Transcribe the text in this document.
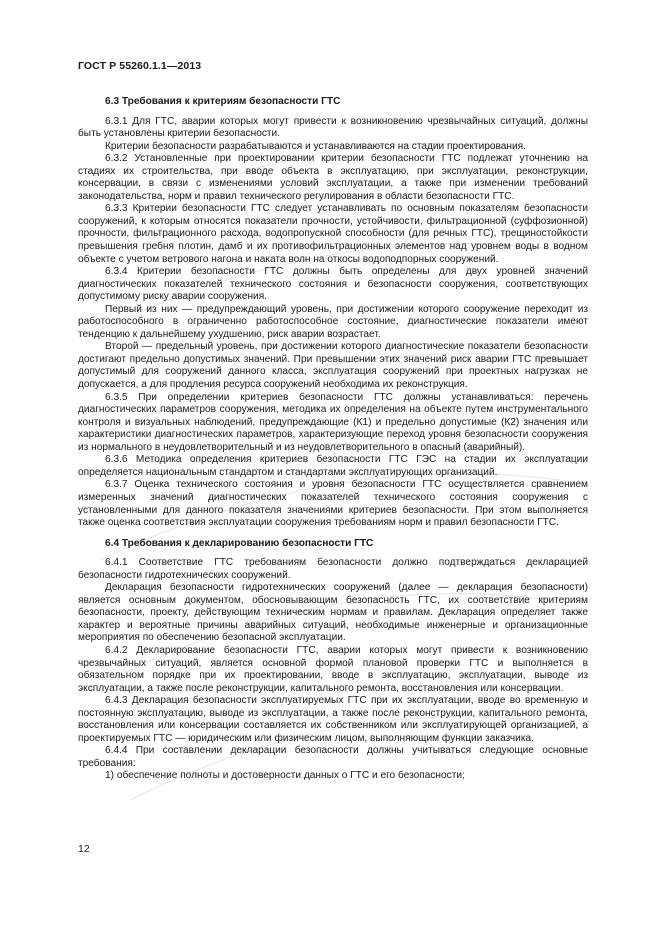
ГОСТ Р 55260.1.1—2013
6.3 Требования к критериям безопасности ГТС

6.3.1 Для ГТС, аварии которых могут привести к возникновению чрезвычайных ситуаций, должны быть установлены критерии безопасности.

Критерии безопасности разрабатываются и устанавливаются на стадии проектирования.

6.3.2 Установленные при проектировании критерии безопасности ГТС подлежат уточнению на стадиях их строительства, при вводе объекта в эксплуатацию, при эксплуатации, реконструкции, консервации, в связи с изменениями условий эксплуатации, а также при изменении требований законодательства, норм и правил технического регулирования в области безопасности ГТС.

6.3.3 Критерии безопасности ГТС следует устанавливать по основным показателям безопасности сооружений, к которым относятся показатели прочности, устойчивости, фильтрационной (суффозионной) прочности, фильтрационного расхода, водопропускной способности (для речных ГТС), трещиностойкости превышения гребня плотин, дамб и их противофильтрационных элементов над уровнем воды в водном объекте с учетом ветрового нагона и наката волн на откосы водоподпорных сооружений.

6.3.4 Критерии безопасности ГТС должны быть определены для двух уровней значений диагностических показателей технического состояния и безопасности сооружения, соответствующих допустимому риску аварии сооружения.

Первый из них — предупреждающий уровень, при достижении которого сооружение переходит из работоспособного в ограниченно работоспособное состояние, диагностические показатели имеют тенденцию к дальнейшему ухудшению, риск аварии возрастает.

Второй — предельный уровень, при достижении которого диагностические показатели безопасности достигают предельно допустимых значений. При превышении этих значений риск аварии ГТС превышает допустимый для сооружений данного класса, эксплуатация сооружений при проектных нагрузках не допускается, а для продления ресурса сооружений необходима их реконструкция.

6.3.5 При определении критериев безопасности ГТС должны устанавливаться: перечень диагностических параметров сооружения, методика их определения на объекте путем инструментального контроля и визуальных наблюдений, предупреждающие (К1) и предельно допустимые (К2) значения или характеристики диагностических параметров, характеризующие переход уровня безопасности сооружения из нормального в неудовлетворительный и из неудовлетворительного в опасный (аварийный).

6.3.6 Методика определения критериев безопасности ГТС ГЭС на стадии их эксплуатации определяется национальным стандартом и стандартами эксплуатирующих организаций.

6.3.7 Оценка технического состояния и уровня безопасности ГТС осуществляется сравнением измеренных значений диагностических показателей технического состояния сооружения с установленными для данного показателя значениями критериев безопасности. При этом выполняется также оценка соответствия эксплуатации сооружения требованиям норм и правил безопасности ГТС.

6.4 Требования к декларированию безопасности ГТС

6.4.1 Соответствие ГТС требованиям безопасности должно подтверждаться декларацией безопасности гидротехнических сооружений.

Декларация безопасности гидротехнических сооружений (далее — декларация безопасности) является основным документом, обосновывающим безопасность ГТС, их соответствие критериям безопасности, проекту, действующим техническим нормам и правилам. Декларация определяет также характер и вероятные причины аварийных ситуаций, необходимые инженерные и организационные мероприятия по обеспечению безопасной эксплуатации.

6.4.2 Декларирование безопасности ГТС, аварии которых могут привести к возникновению чрезвычайных ситуаций, является основной формой плановой проверки ГТС и выполняется в обязательном порядке при их проектировании, вводе в эксплуатацию, эксплуатации, выводе из эксплуатации, а также после реконструкции, капитального ремонта, восстановления или консервации.

6.4.3 Декларация безопасности эксплуатируемых ГТС при их эксплуатации, вводе во временную и постоянную эксплуатацию, выводе из эксплуатации, а также после реконструкции, капитального ремонта, восстановления или консервации составляется их собственником или эксплуатирующей организацией, а проектируемых ГТС — юридическим или физическим лицом, выполняющим функции заказчика.

6.4.4 При составлении декларации безопасности должны учитываться следующие основные требования:

1) обеспечение полноты и достоверности данных о ГТС и его безопасности;

12
